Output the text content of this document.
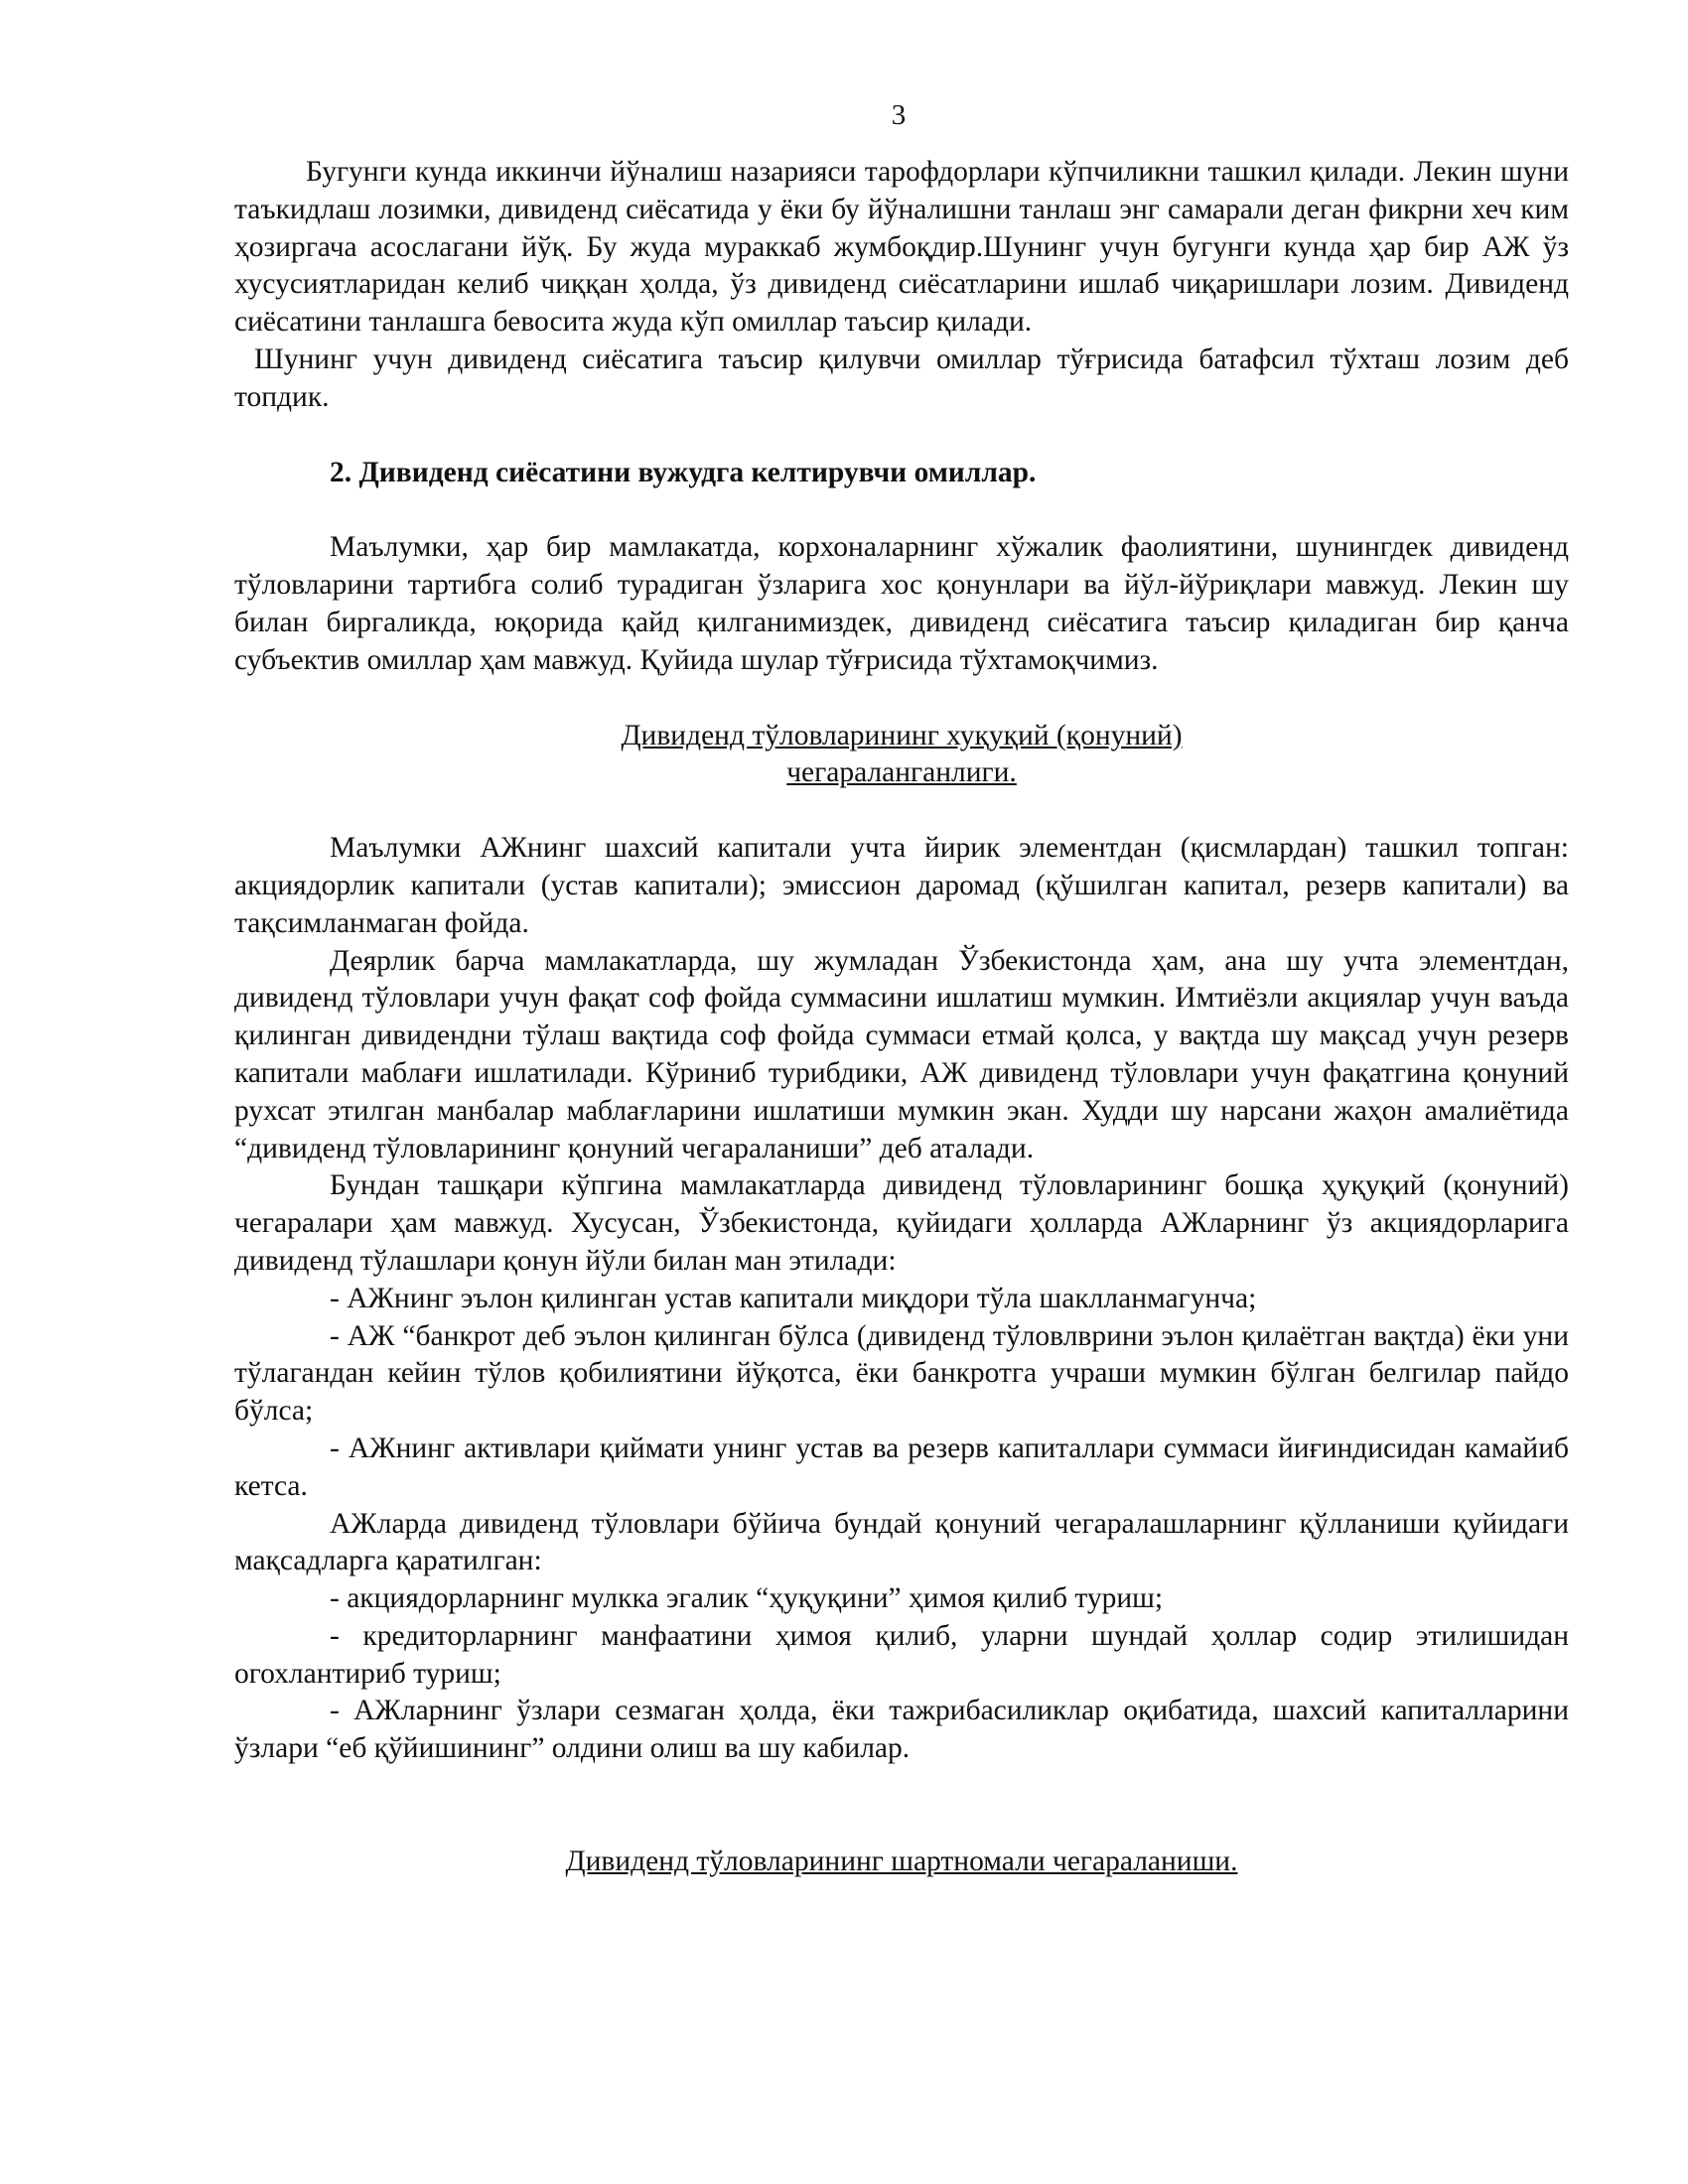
3

Бугунги кунда иккинчи йўналиш назарияси тарофдорлари кўпчиликни ташкил қилади. Лекин шуни таъкидлаш лозимки, дивиденд сиёсатида у ёки бу йўналишни танлаш энг самарали деган фикрни хеч ким ҳозиргача асослагани йўқ. Бу жуда мураккаб жумбоқдир.Шунинг учун бугунги кунда ҳар бир АЖ ўз хусусиятларидан келиб чиққан ҳолда, ўз дивиденд сиёсатларини ишлаб чиқаришлари лозим. Дивиденд сиёсатини танлашга бевосита жуда кўп омиллар таъсир қилади.

Шунинг учун дивиденд сиёсатига таъсир қилувчи омиллар тўғрисида батафсил тўхташ лозим деб топдик.

2. Дивиденд сиёсатини вужудга келтирувчи омиллар.

Маълумки, ҳар бир мамлакатда, корхоналарнинг хўжалик фаолиятини, шунингдек дивиденд тўловларини тартибга солиб турадиган ўзларига хос қонунлари ва йўл-йўриқлари мавжуд. Лекин шу билан биргаликда, юқорида қайд қилганимиздек, дивиденд сиёсатига таъсир қиладиган бир қанча субъектив омиллар ҳам мавжуд. Қуйида шулар тўғрисида тўхтамоқчимиз.

Дивиденд тўловларининг хуқуқий (қонуний)
чегараланганлиги.

Маълумки АЖнинг шахсий капитали учта йирик элементдан (қисмлардан) ташкил топган: акциядорлик капитали (устав капитали); эмиссион даромад (қўшилган капитал, резерв капитали) ва тақсимланмаган фойда.

Деярлик барча мамлакатларда, шу жумладан Ўзбекистонда ҳам, ана шу учта элементдан, дивиденд тўловлари учун фақат соф фойда суммасини ишлатиш мумкин. Имтиёзли акциялар учун ваъда қилинган дивидендни тўлаш вақтида соф фойда суммаси етмай қолса, у вақтда шу мақсад учун резерв капитали маблағи ишлатилади. Кўриниб турибдики, АЖ дивиденд тўловлари учун фақатгина қонуний рухсат этилган манбалар маблағларини ишлатиши мумкин экан. Худди шу нарсани жаҳон амалиётида “дивиденд тўловларининг қонуний чегараланиши” деб аталади.

Бундан ташқари кўпгина мамлакатларда дивиденд тўловларининг бошқа ҳуқуқий (қонуний) чегаралари ҳам мавжуд. Хусусан, Ўзбекистонда, қуйидаги ҳолларда АЖларнинг ўз акциядорларига дивиденд тўлашлари қонун йўли билан ман этилади:

- АЖнинг эълон қилинган устав капитали миқдори тўла шаклланмагунча;

- АЖ “банкрот деб эълон қилинган бўлса (дивиденд тўловлврини эълон қилаётган вақтда) ёки уни тўлагандан кейин тўлов қобилиятини йўқотса, ёки банкротга учраши мумкин бўлган белгилар пайдо бўлса;

- АЖнинг активлари қиймати унинг устав ва резерв капиталлари суммаси йиғиндисидан камайиб кетса.

АЖларда дивиденд тўловлари бўйича бундай қонуний чегаралашларнинг қўлланиши қуйидаги мақсадларга қаратилган:

- акциядорларнинг мулкка эгалик “ҳуқуқини” ҳимоя қилиб туриш;

- кредиторларнинг манфаатини ҳимоя қилиб, уларни шундай ҳоллар содир этилишидан огохлантириб туриш;

- АЖларнинг ўзлари сезмаган ҳолда, ёки тажрибасиликлар оқибатида, шахсий капиталларини ўзлари “еб қўйишининг” олдини олиш ва шу кабилар.

Дивиденд тўловларининг шартномали чегараланиши.
